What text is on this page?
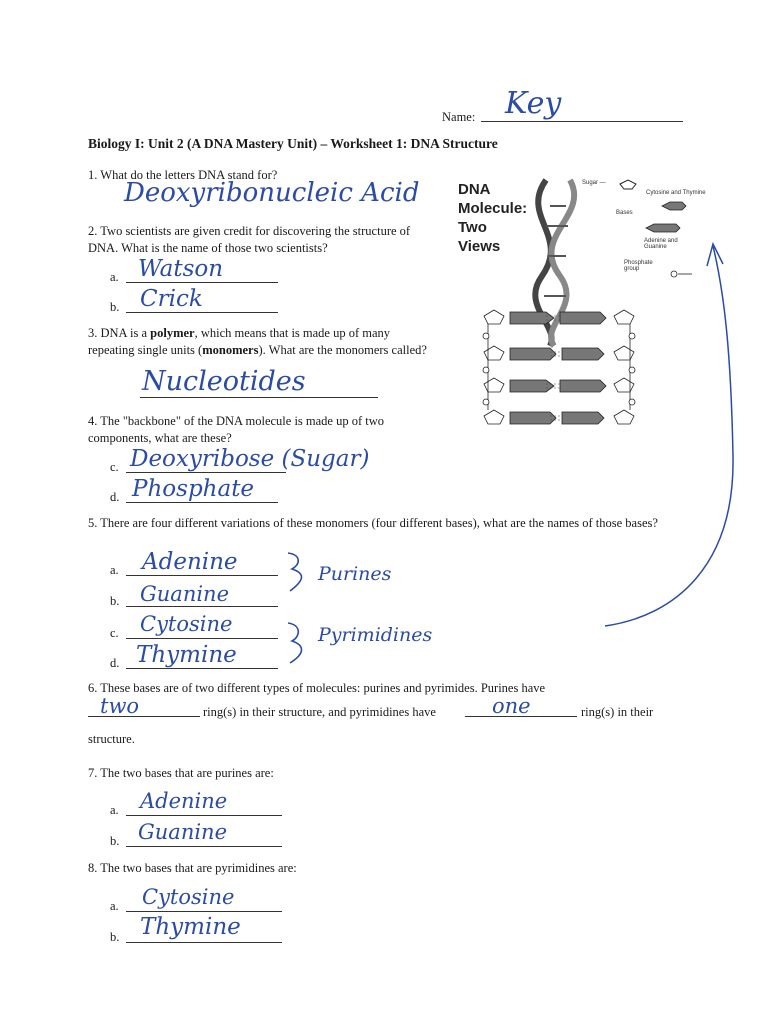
Name: Key
Biology I: Unit 2 (A DNA Mastery Unit) – Worksheet 1: DNA Structure
1. What do the letters DNA stand for?
Deoxyribonucleic Acid
2. Two scientists are given credit for discovering the structure of DNA. What is the name of those two scientists?
a. Watson
b. Crick
3. DNA is a polymer, which means that is made up of many repeating single units (monomers). What are the monomers called?
Nucleotides
4. The "backbone" of the DNA molecule is made up of two components, what are these?
c. Deoxyribose (Sugar)
d. Phosphate
5. There are four different variations of these monomers (four different bases), what are the names of those bases?
a. Adenine
b. Guanine
c. Cytosine
d. Thymine
Purines
Pyrimidines
6. These bases are of two different types of molecules: purines and pyrimides. Purines have
two	ring(s) in their structure, and pyrimidines have	one	ring(s) in their
structure.
7. The two bases that are purines are:
a. Adenine
b. Guanine
8. The two bases that are pyrimidines are:
a. Cytosine
b. Thymine
DNA
Molecule:
Two
Views
Sugar —
Cytosine and Thymine
Bases
Adenine and Guanine
Phosphate group
